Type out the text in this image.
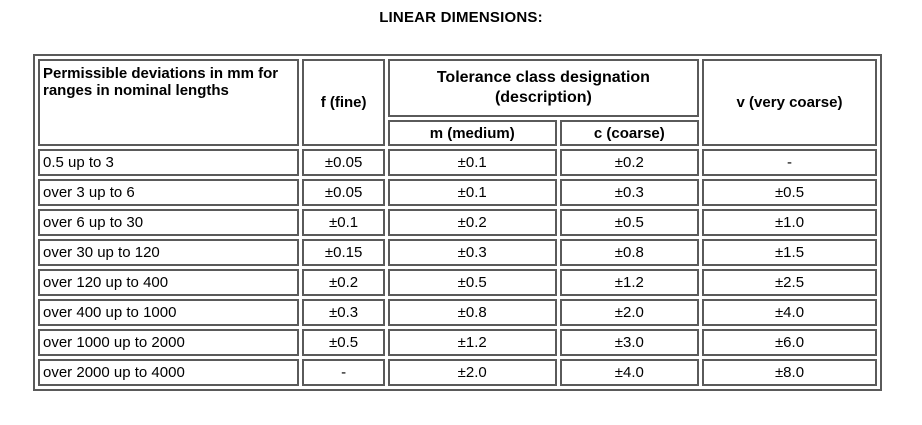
LINEAR DIMENSIONS:
Permissible deviations in mm for ranges in nominal lengths	f (fine)	Tolerance class designation (description)		v (very coarse)
		m (medium)	c (coarse)	
0.5 up to 3	±0.05	±0.1	±0.2	-
over 3 up to 6	±0.05	±0.1	±0.3	±0.5
over 6 up to 30	±0.1	±0.2	±0.5	±1.0
over 30 up to 120	±0.15	±0.3	±0.8	±1.5
over 120 up to 400	±0.2	±0.5	±1.2	±2.5
over 400 up to 1000	±0.3	±0.8	±2.0	±4.0
over 1000 up to 2000	±0.5	±1.2	±3.0	±6.0
over 2000 up to 4000	-	±2.0	±4.0	±8.0
